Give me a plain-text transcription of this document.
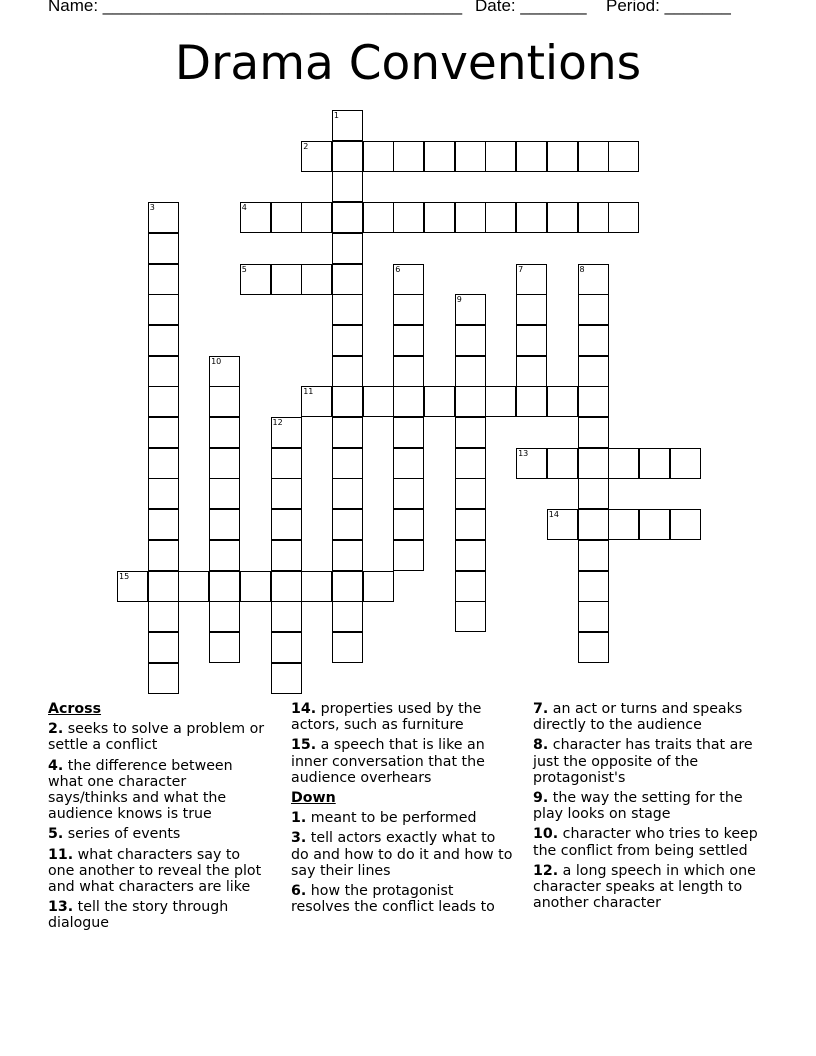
Name: ______________________________________ Date: _______ Period: _______
Drama Conventions
1
2
3	4
5	6	7	8
9
10
11
12
13
14
15
Across
2. seeks to solve a problem or settle a conflict
4. the difference between what one character says/thinks and what the audience knows is true
5. series of events
11. what characters say to one another to reveal the plot and what characters are like
13. tell the story through dialogue
14. properties used by the actors, such as furniture
15. a speech that is like an inner conversation that the audience overhears
Down
1. meant to be performed
3. tell actors exactly what to do and how to do it and how to say their lines
6. how the protagonist resolves the conflict leads to
7. an act or turns and speaks directly to the audience
8. character has traits that are just the opposite of the protagonist's
9. the way the setting for the play looks on stage
10. character who tries to keep the conflict from being settled
12. a long speech in which one character speaks at length to another character
